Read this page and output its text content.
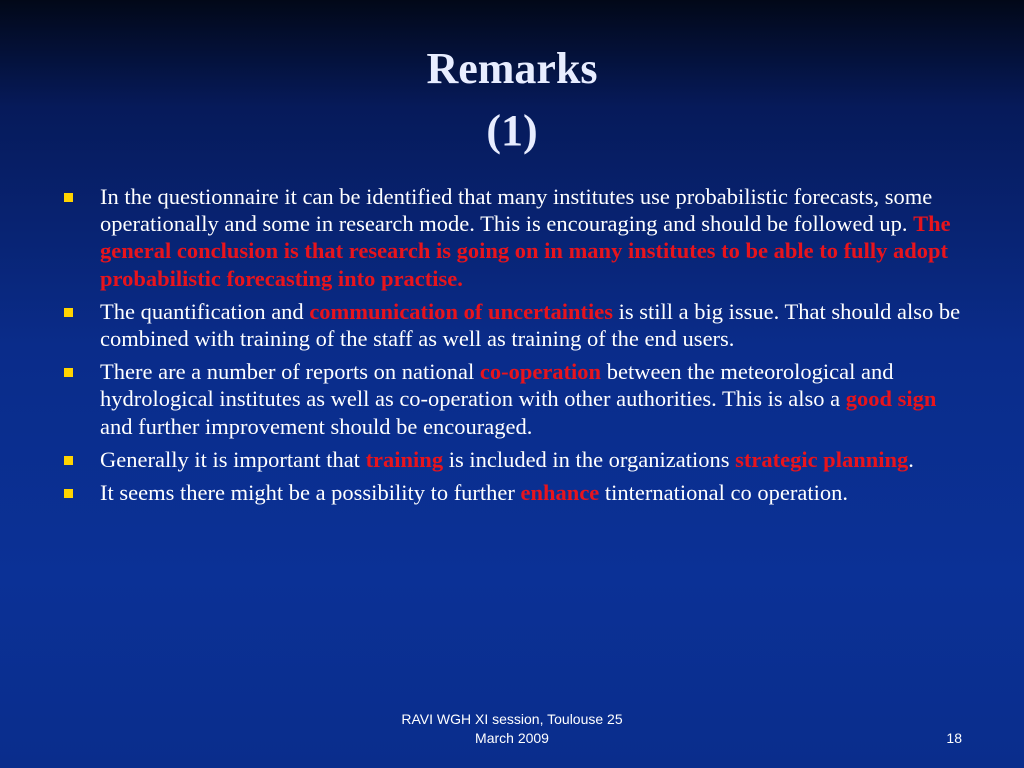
Remarks
(1)
In the questionnaire it can be identified that many institutes use probabilistic forecasts, some operationally and some in research mode. This is encouraging and should be followed up. The general conclusion is that research is going on in many institutes to be able to fully adopt probabilistic forecasting into practise.
The quantification and communication of uncertainties is still a big issue. That should also be combined with training of the staff as well as training of the end users.
There are a number of reports on national co-operation between the meteorological and hydrological institutes as well as co-operation with other authorities. This is also a good sign and further improvement should be encouraged.
Generally it is important that training is included in the organizations strategic planning.
It seems there might be a possibility to further enhance tinternational co operation.
RAVI WGH XI session, Toulouse 25
March 2009	18
